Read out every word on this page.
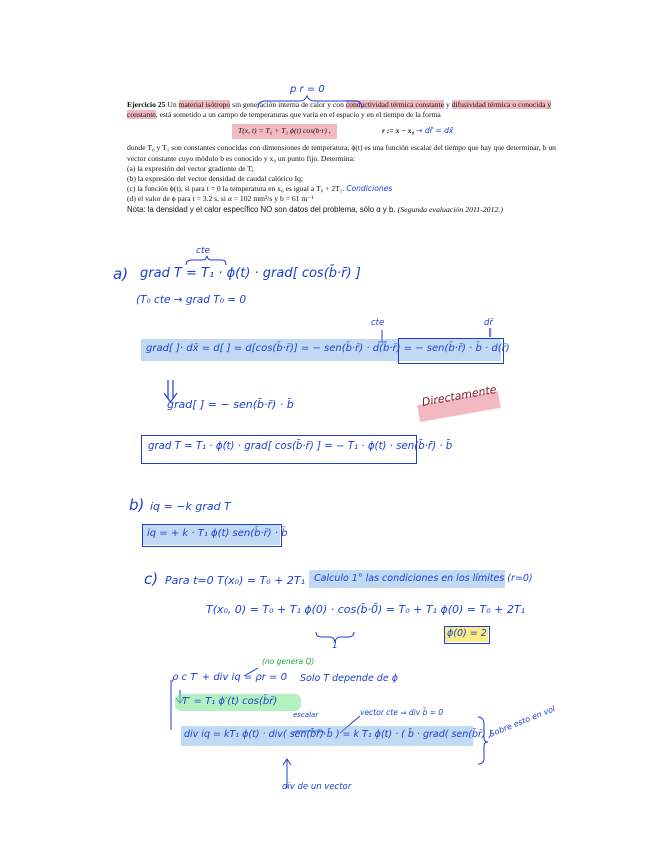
Ejercicio 25 Un material isótropo sin generación interna de calor y con conductividad térmica constante y difusividad térmica o conocida y constante, está sometido a un campo de temperaturas que varía en el espacio y en el tiempo de la forma

T(x, t) = T₀ + T₁ ϕ(t) cos(b·r) ,	r := x − x₀ → dr̄ = dx̄

donde T₀ y T₁ son constantes conocidas con dimensiones de temperatura, ϕ(t) es una función escalar del tiempo que hay que determinar, b un vector constante cuyo módulo b es conocido y x₀ un punto fijo. Determina:

(a) la expresión del vector gradiente de T;

(b) la expresión del vector densidad de caudal calórico Iq;

(c) la función ϕ(t), si para t = 0 la temperatura en x₀ es igual a T₀ + 2T₁. Condiciones

(d) el valor de ϕ para t = 3.2 s, si α = 102 mm²/s y b = 61 m⁻¹

Nota: la densidad y el calor específico NO son datos del problema, sólo α y b. (Segunda evaluación 2011-2012.)

p r = 0
a)
cte
grad T = T₁ · ϕ(t) · grad[ cos(b̄·r̄) ]
(T₀ cte → grad T₀ = 0
cte	dr̄
‖
grad[ ]· dx̄ = d[ ] = d[cos(b̄·r̄)] = − sen(b̄·r̄) · d(b̄·r̄) = − sen(b̄·r̄) · b̄ · d(r̄)
grad[ ] = − sen(b̄·r̄) · b̄	Directamente
grad T = T₁ · ϕ(t) · grad[ cos(b̄·r̄) ] = − T₁ · ϕ(t) · sen(b̄·r̄) · b̄
b) iq = −k grad T
iq = + k · T₁ ϕ(t) sen(b̄·r̄) · b̄
c) Para t=0 T(x₀) = T₀ + 2T₁ Calculo 1° las condiciones en los límites (r=0)
T(x₀, 0) = T₀ + T₁ ϕ(0) · cos(b̄·0̄) = T₀ + T₁ ϕ(0) = T₀ + 2T₁
1
ϕ(0) = 2
(no genera Q)
ρ c T′ + div iq = ρr = 0 Solo T depende de ϕ
T′ = T₁ ϕ′(t) cos(b̄r̄)
escalar	vector cte ⇒ div b̄ = 0
div iq = kT₁ ϕ(t) · div( sen(b̄r̄) b̄ ) = k T₁ ϕ(t) · ( b̄ · grad( sen(b̄r̄) )
Sobre esto en vol
div de un vector
